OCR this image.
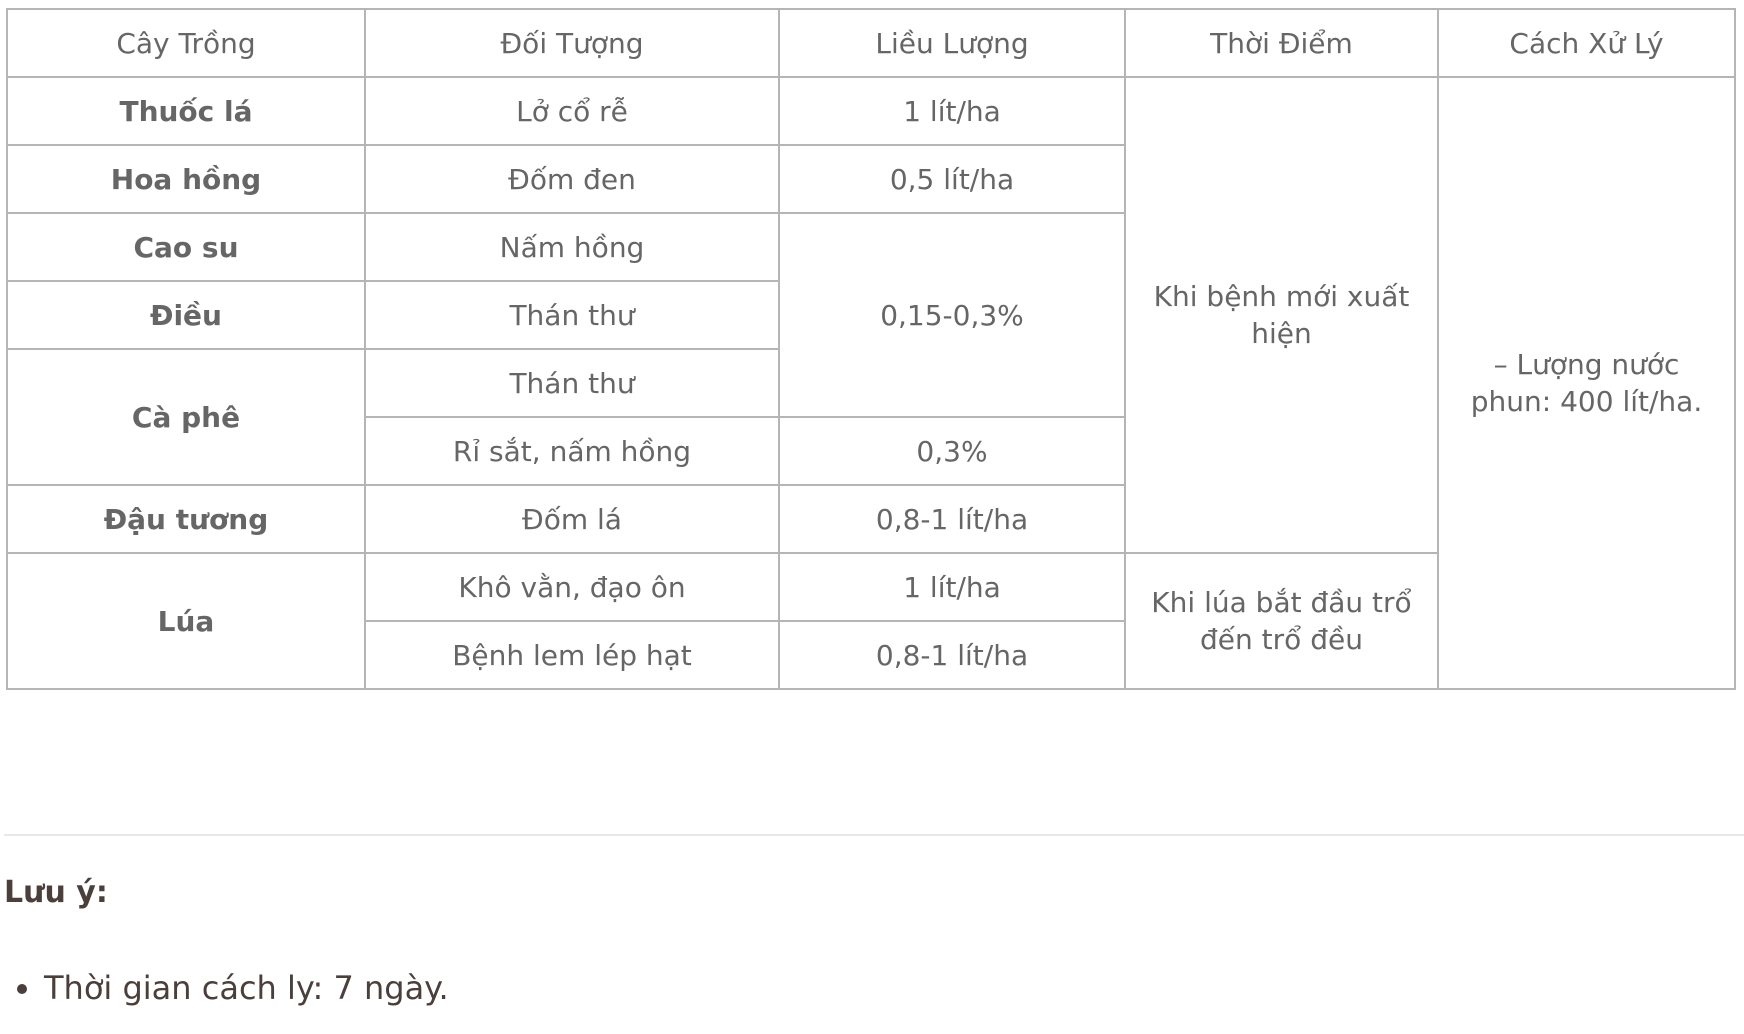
Cây Trồng	Đối Tượng	Liều Lượng	Thời Điểm	Cách Xử Lý
Thuốc lá	Lở cổ rễ	1 lít/ha	Khi bệnh mới xuất hiện	– Lượng nước phun: 400 lít/ha.
Hoa hồng	Đốm đen	0,5 lít/ha		
Cao su	Nấm hồng	0,15-0,3%		
Điều	Thán thư			
Cà phê	Thán thư			
	Rỉ sắt, nấm hồng	0,3%		
Đậu tương	Đốm lá	0,8-1 lít/ha		
Lúa	Khô vằn, đạo ôn	1 lít/ha	Khi lúa bắt đầu trổ đến trổ đều	
	Bệnh lem lép hạt	0,8-1 lít/ha		
Lưu ý:
• Thời gian cách ly: 7 ngày.
